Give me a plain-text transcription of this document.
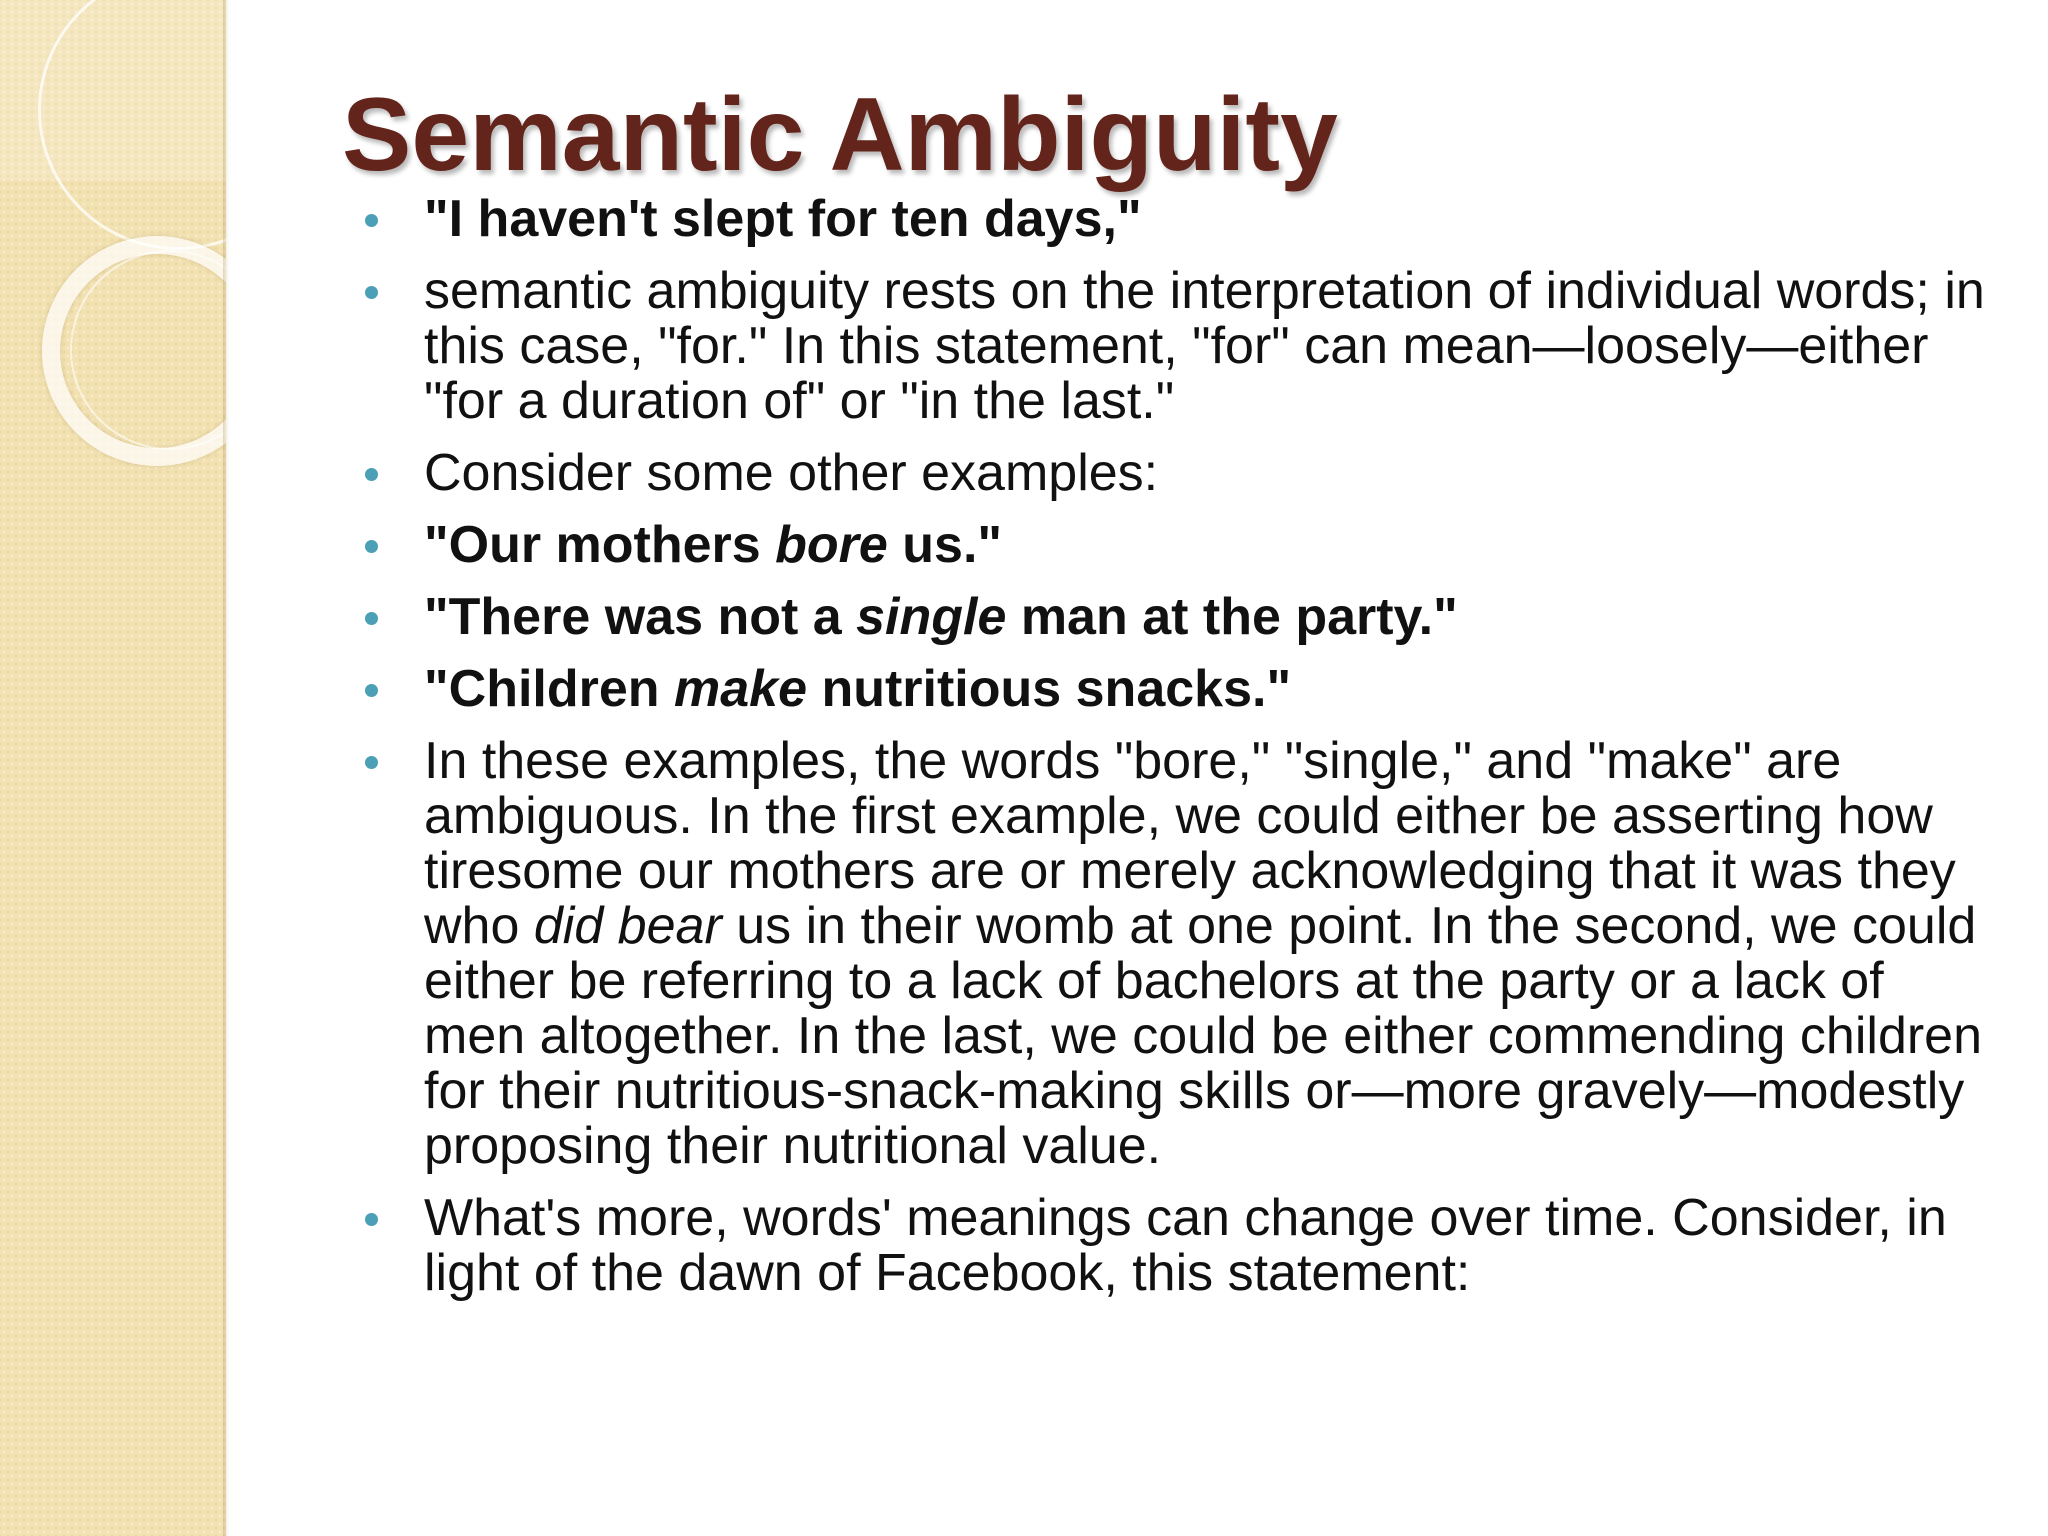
Semantic Ambiguity
"I haven't slept for ten days,"
semantic ambiguity rests on the interpretation of individual words; in this case, "for." In this statement, "for" can mean—loosely—either "for a duration of" or "in the last."
Consider some other examples:
"Our mothers bore us."
"There was not a single man at the party."
"Children make nutritious snacks."
In these examples, the words "bore," "single," and "make" are ambiguous. In the first example, we could either be asserting how tiresome our mothers are or merely acknowledging that it was they who did bear us in their womb at one point. In the second, we could either be referring to a lack of bachelors at the party or a lack of men altogether. In the last, we could be either commending children for their nutritious-snack-making skills or—more gravely—modestly proposing their nutritional value.
What's more, words' meanings can change over time. Consider, in light of the dawn of Facebook, this statement:
